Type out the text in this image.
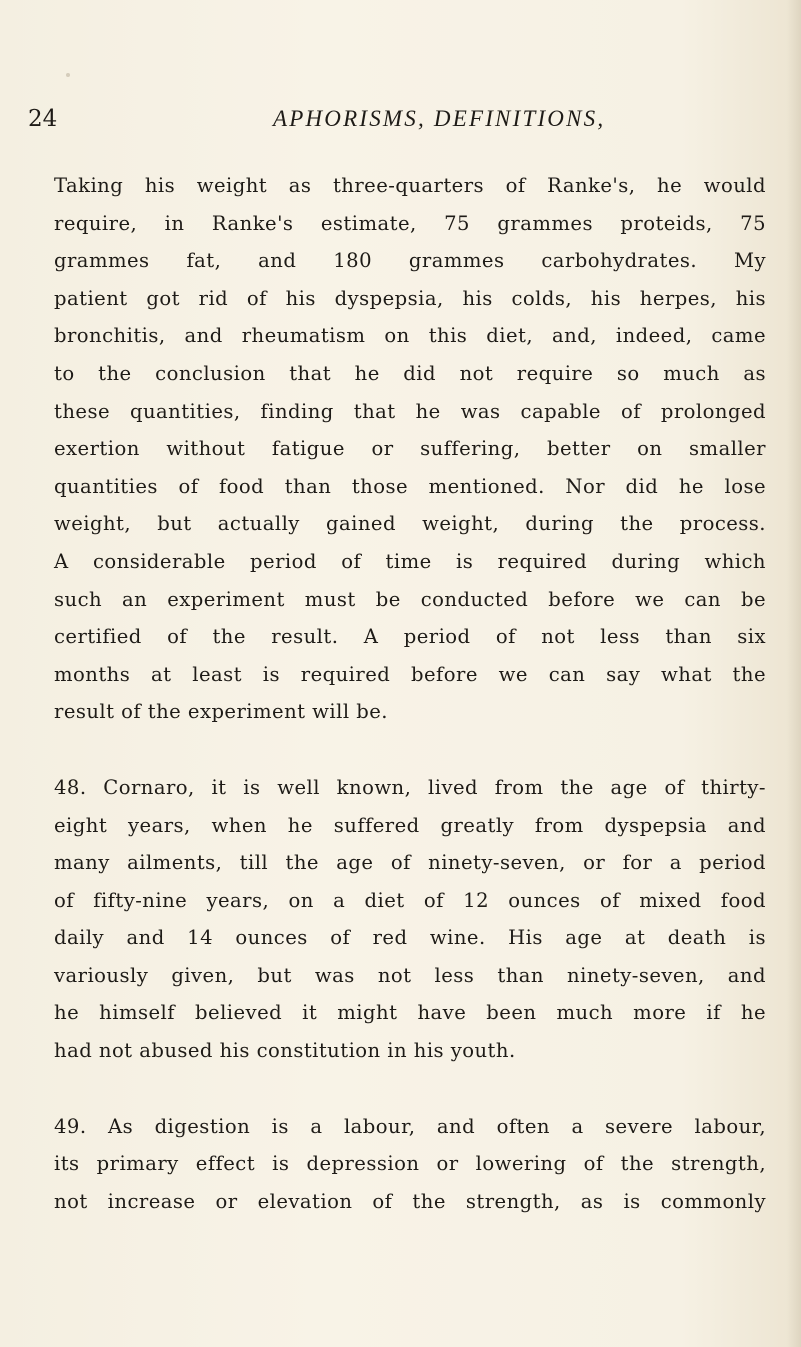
24	APHORISMS, DEFINITIONS,

Taking his weight as three-quarters of Ranke's, he would
require, in Ranke's estimate, 75 grammes proteids, 75
grammes fat, and 180 grammes carbohydrates. My
patient got rid of his dyspepsia, his colds, his herpes, his
bronchitis, and rheumatism on this diet, and, indeed, came
to the conclusion that he did not require so much as
these quantities, finding that he was capable of prolonged
exertion without fatigue or suffering, better on smaller
quantities of food than those mentioned. Nor did he lose
weight, but actually gained weight, during the process.
A considerable period of time is required during which
such an experiment must be conducted before we can be
certified of the result. A period of not less than six
months at least is required before we can say what the
result of the experiment will be.

48. Cornaro, it is well known, lived from the age of thirty-
eight years, when he suffered greatly from dyspepsia and
many ailments, till the age of ninety-seven, or for a period
of fifty-nine years, on a diet of 12 ounces of mixed food
daily and 14 ounces of red wine. His age at death is
variously given, but was not less than ninety-seven, and
he himself believed it might have been much more if he
had not abused his constitution in his youth.

49. As digestion is a labour, and often a severe labour,
its primary effect is depression or lowering of the strength,
not increase or elevation of the strength, as is commonly
